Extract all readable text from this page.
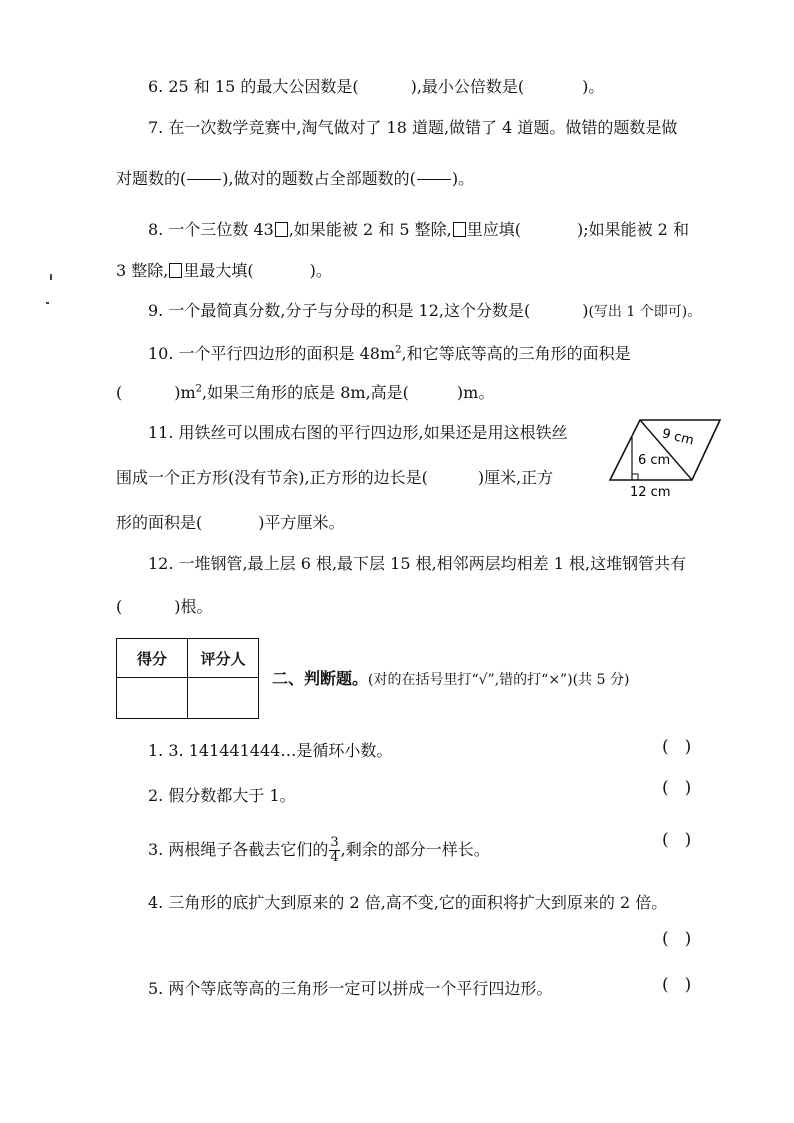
6. 25 和 15 的最大公因数是(	),最小公倍数是(	)。
7. 在一次数学竞赛中,淘气做对了 18 道题,做错了 4 道题。做错的题数是做
对题数的( ),做对的题数占全部题数的( )。
8. 一个三位数 43 ,如果能被 2 和 5 整除, 里应填(	);如果能被 2 和
3 整除, 里最大填(	)。
9. 一个最简真分数,分子与分母的积是 12,这个分数是(	)(写出 1 个即可)。
10. 一个平行四边形的面积是 $48m^2$,和它等底等高的三角形的面积是
(	)$m^2$,如果三角形的底是 8m,高是(	)m。
11. 用铁丝可以围成右图的平行四边形,如果还是用这根铁丝
围成一个正方形(没有节余),正方形的边长是(	)厘米,正方
形的面积是(	)平方厘米。
9 cm
6 cm
12 cm
12. 一堆钢管,最上层 6 根,最下层 15 根,相邻两层均相差 1 根,这堆钢管共有
(	)根。
得分	评分人

二、判断题。(对的在括号里打“√”,错的打“×”)(共 5 分)
1. 3. 141441444…是循环小数。	()
2. 假分数都大于 1。	()
3. 两根绳子各截去它们的 $\frac{3}{4}$ ,剩余的部分一样长。	()
4. 三角形的底扩大到原来的 2 倍,高不变,它的面积将扩大到原来的 2 倍。
()
5. 两个等底等高的三角形一定可以拼成一个平行四边形。	()
